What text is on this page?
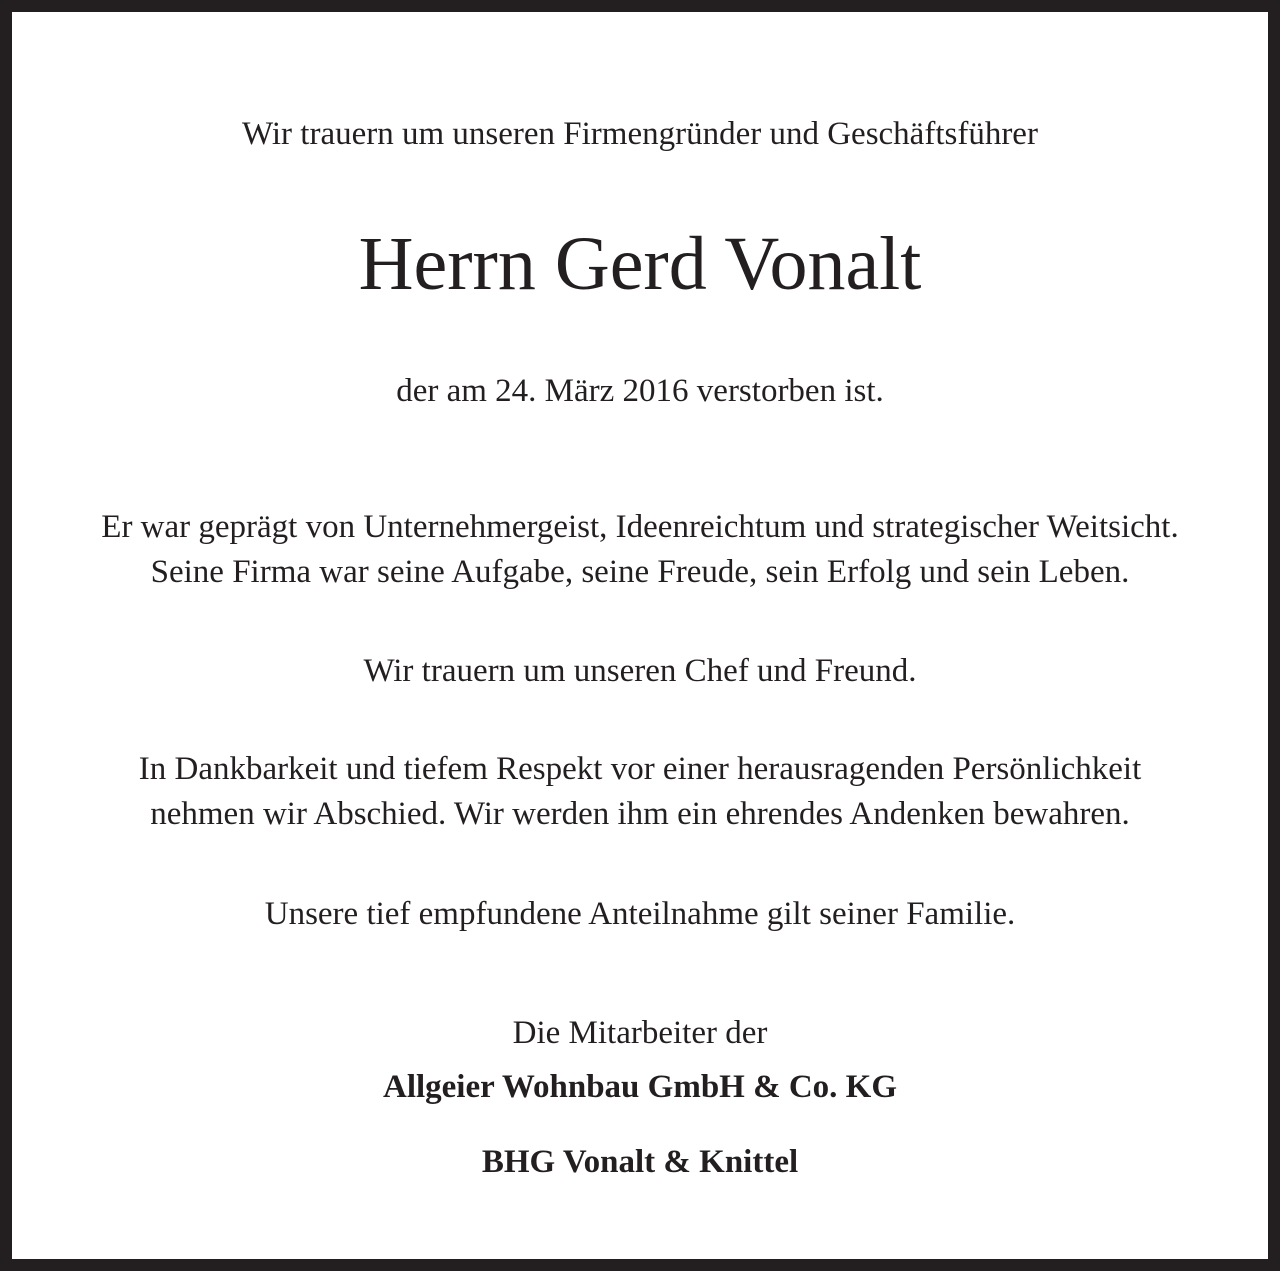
Wir trauern um unseren Firmengründer und Geschäftsführer
Herrn Gerd Vonalt
der am 24. März 2016 verstorben ist.
Er war geprägt von Unternehmergeist, Ideenreichtum und strategischer Weitsicht.
Seine Firma war seine Aufgabe, seine Freude, sein Erfolg und sein Leben.
Wir trauern um unseren Chef und Freund.
In Dankbarkeit und tiefem Respekt vor einer herausragenden Persönlichkeit
nehmen wir Abschied. Wir werden ihm ein ehrendes Andenken bewahren.
Unsere tief empfundene Anteilnahme gilt seiner Familie.
Die Mitarbeiter der
Allgeier Wohnbau GmbH & Co. KG
BHG Vonalt & Knittel
